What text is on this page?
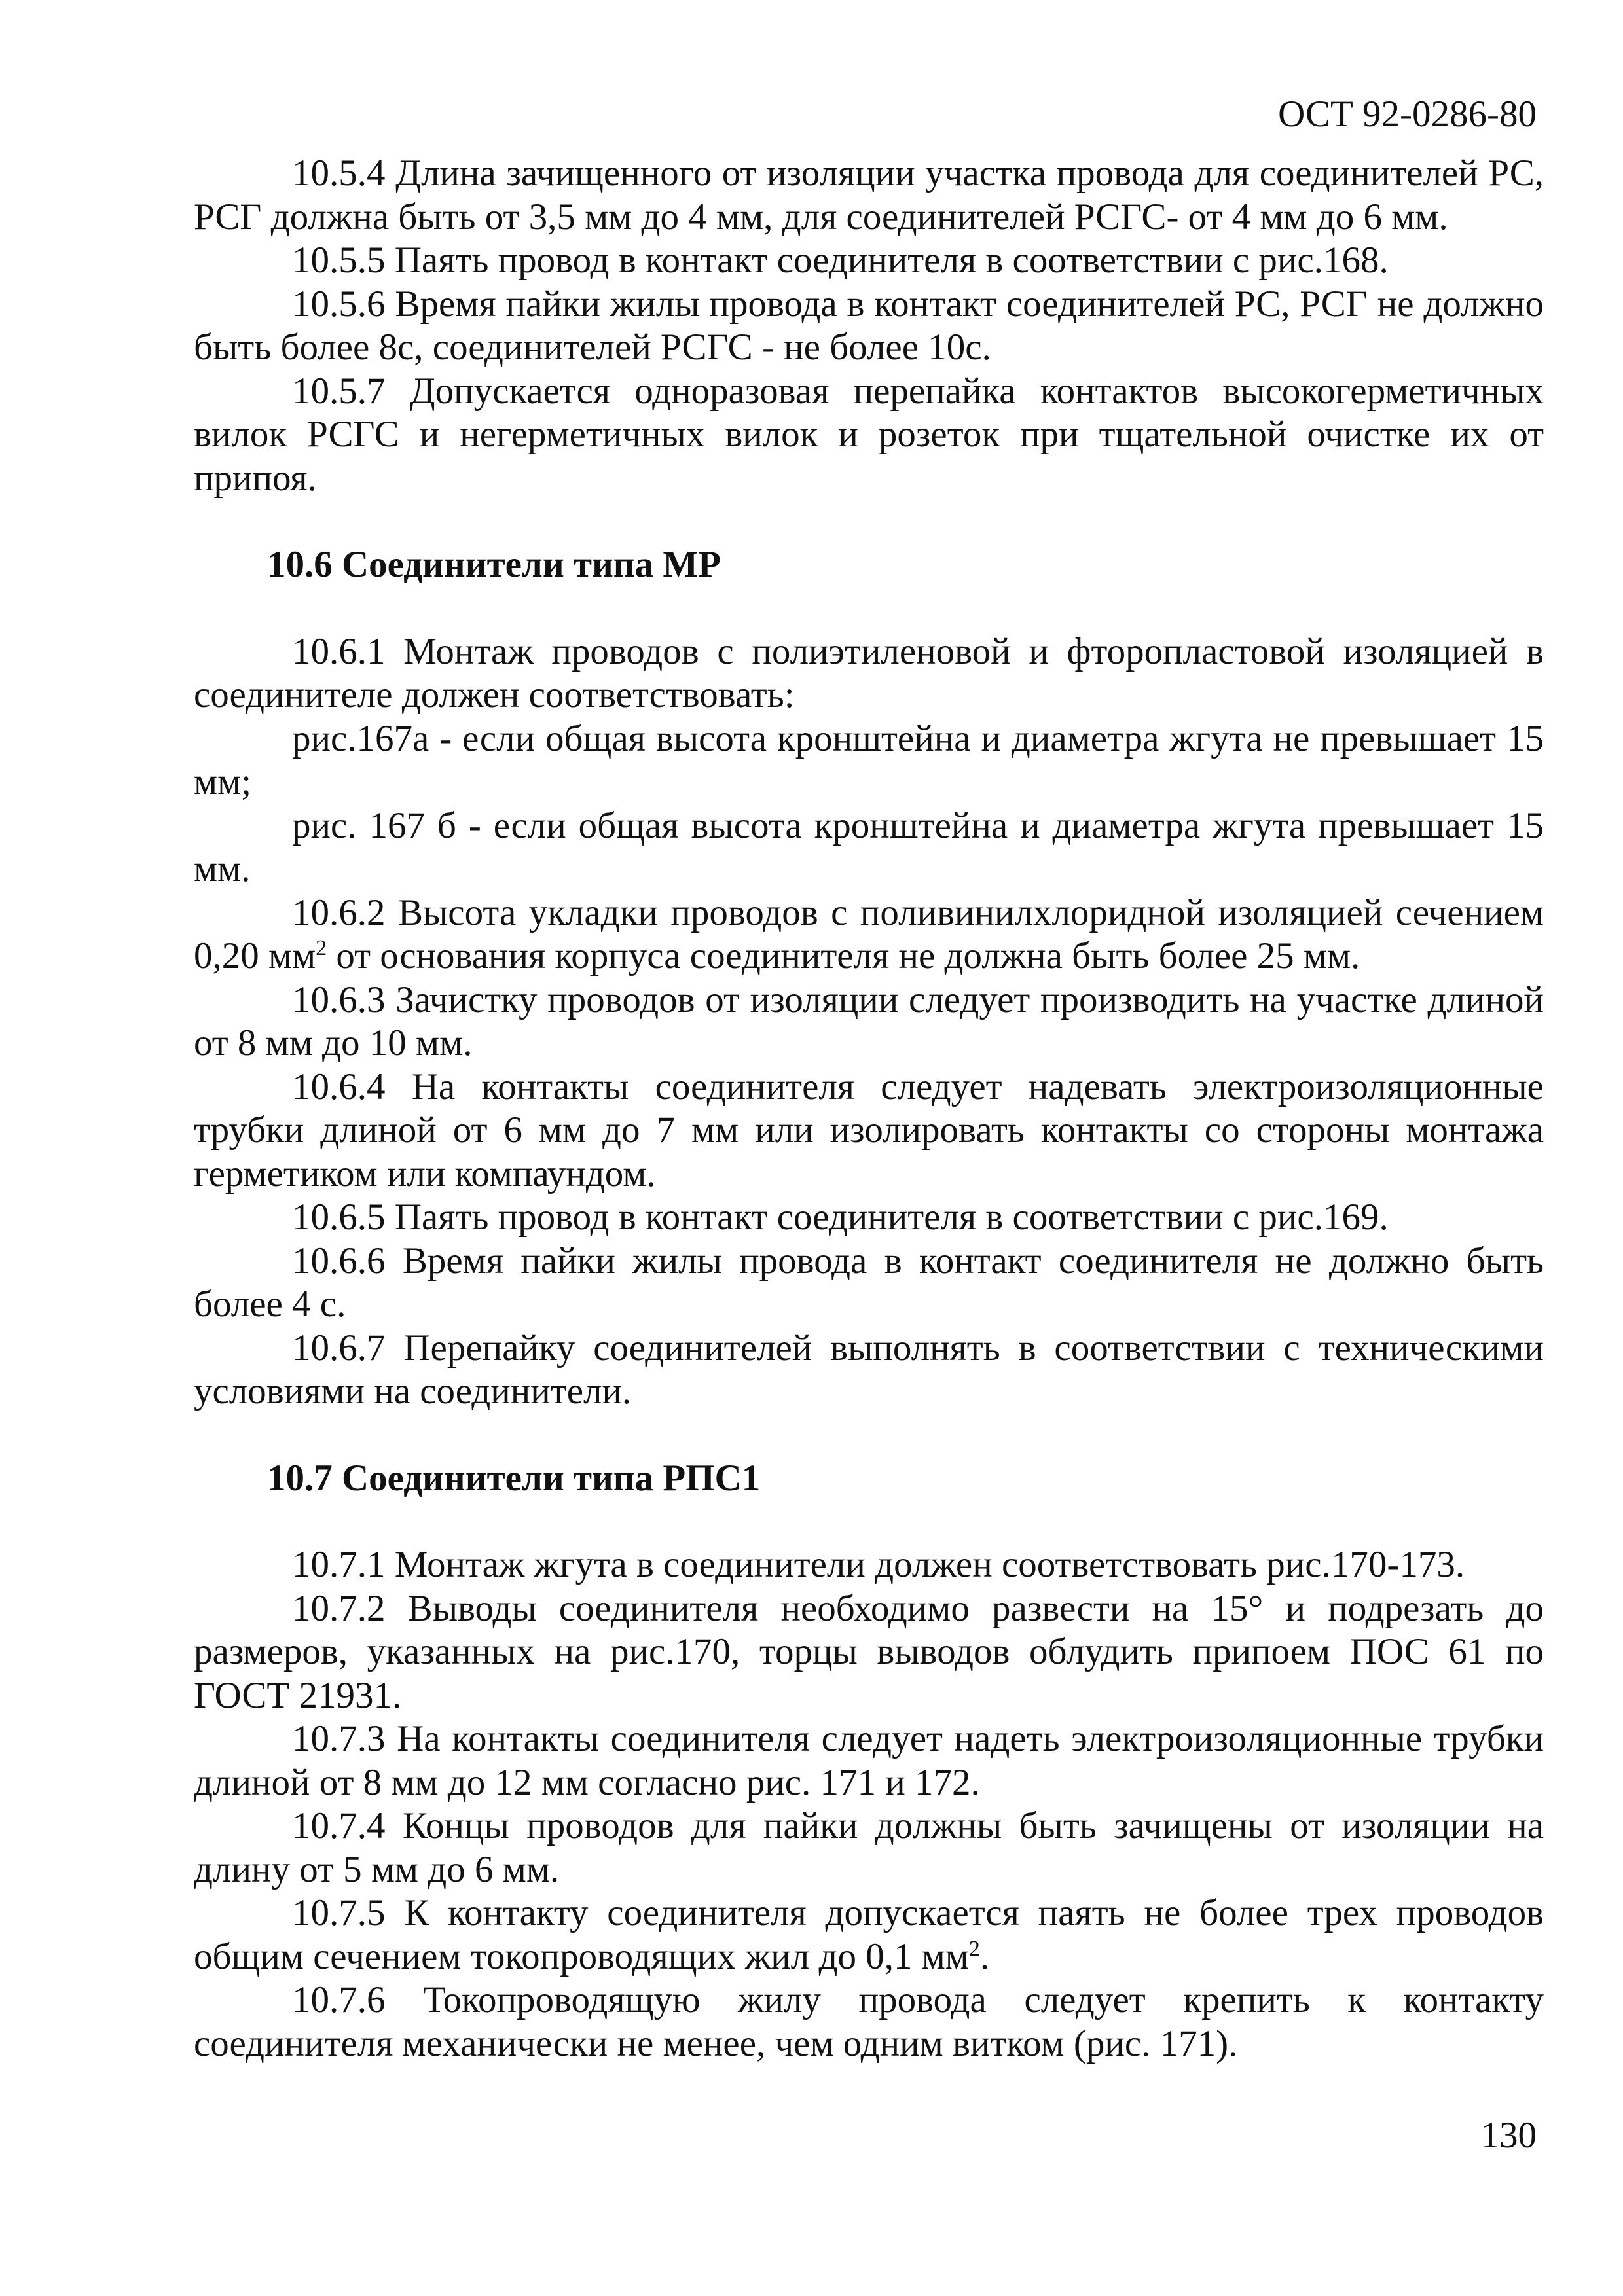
ОСТ 92-0286-80

10.5.4 Длина зачищенного от изоляции участка провода для соединителей РС, РСГ должна быть от 3,5 мм до 4 мм, для соединителей РСГС- от 4 мм до 6 мм.

10.5.5 Паять провод в контакт соединителя в соответствии с рис.168.

10.5.6 Время пайки жилы провода в контакт соединителей РС, РСГ не должно быть более 8с, соединителей РСГС - не более 10с.

10.5.7 Допускается одноразовая перепайка контактов высокогерметичных вилок РСГС и негерметичных вилок и розеток при тщательной очистке их от припоя.

10.6 Соединители типа МР

10.6.1 Монтаж проводов с полиэтиленовой и фторопластовой изоляцией в соединителе должен соответствовать:

рис.167а - если общая высота кронштейна и диаметра жгута не превышает 15 мм;

рис. 167 б - если общая высота кронштейна и диаметра жгута превышает 15 мм.

10.6.2 Высота укладки проводов с поливинилхлоридной изоляцией сечением 0,20 $мм^2$ от основания корпуса соединителя не должна быть более 25 мм.

10.6.3 Зачистку проводов от изоляции следует производить на участке длиной от 8 мм до 10 мм.

10.6.4 На контакты соединителя следует надевать электроизоляционные трубки длиной от 6 мм до 7 мм или изолировать контакты со стороны монтажа герметиком или компаундом.

10.6.5 Паять провод в контакт соединителя в соответствии с рис.169.

10.6.6 Время пайки жилы провода в контакт соединителя не должно быть более 4 с.

10.6.7 Перепайку соединителей выполнять в соответствии с техническими условиями на соединители.

10.7 Соединители типа РПС1

10.7.1 Монтаж жгута в соединители должен соответствовать рис.170-173.

10.7.2 Выводы соединителя необходимо развести на 15° и подрезать до размеров, указанных на рис.170, торцы выводов облудить припоем ПОС 61 по ГОСТ 21931.

10.7.3 На контакты соединителя следует надеть электроизоляционные трубки длиной от 8 мм до 12 мм согласно рис. 171 и 172.

10.7.4 Концы проводов для пайки должны быть зачищены от изоляции на длину от 5 мм до 6 мм.

10.7.5 К контакту соединителя допускается паять не более трех проводов общим сечением токопроводящих жил до 0,1 $мм^2$.

10.7.6 Токопроводящую жилу провода следует крепить к контакту соединителя механически не менее, чем одним витком (рис. 171).

130
